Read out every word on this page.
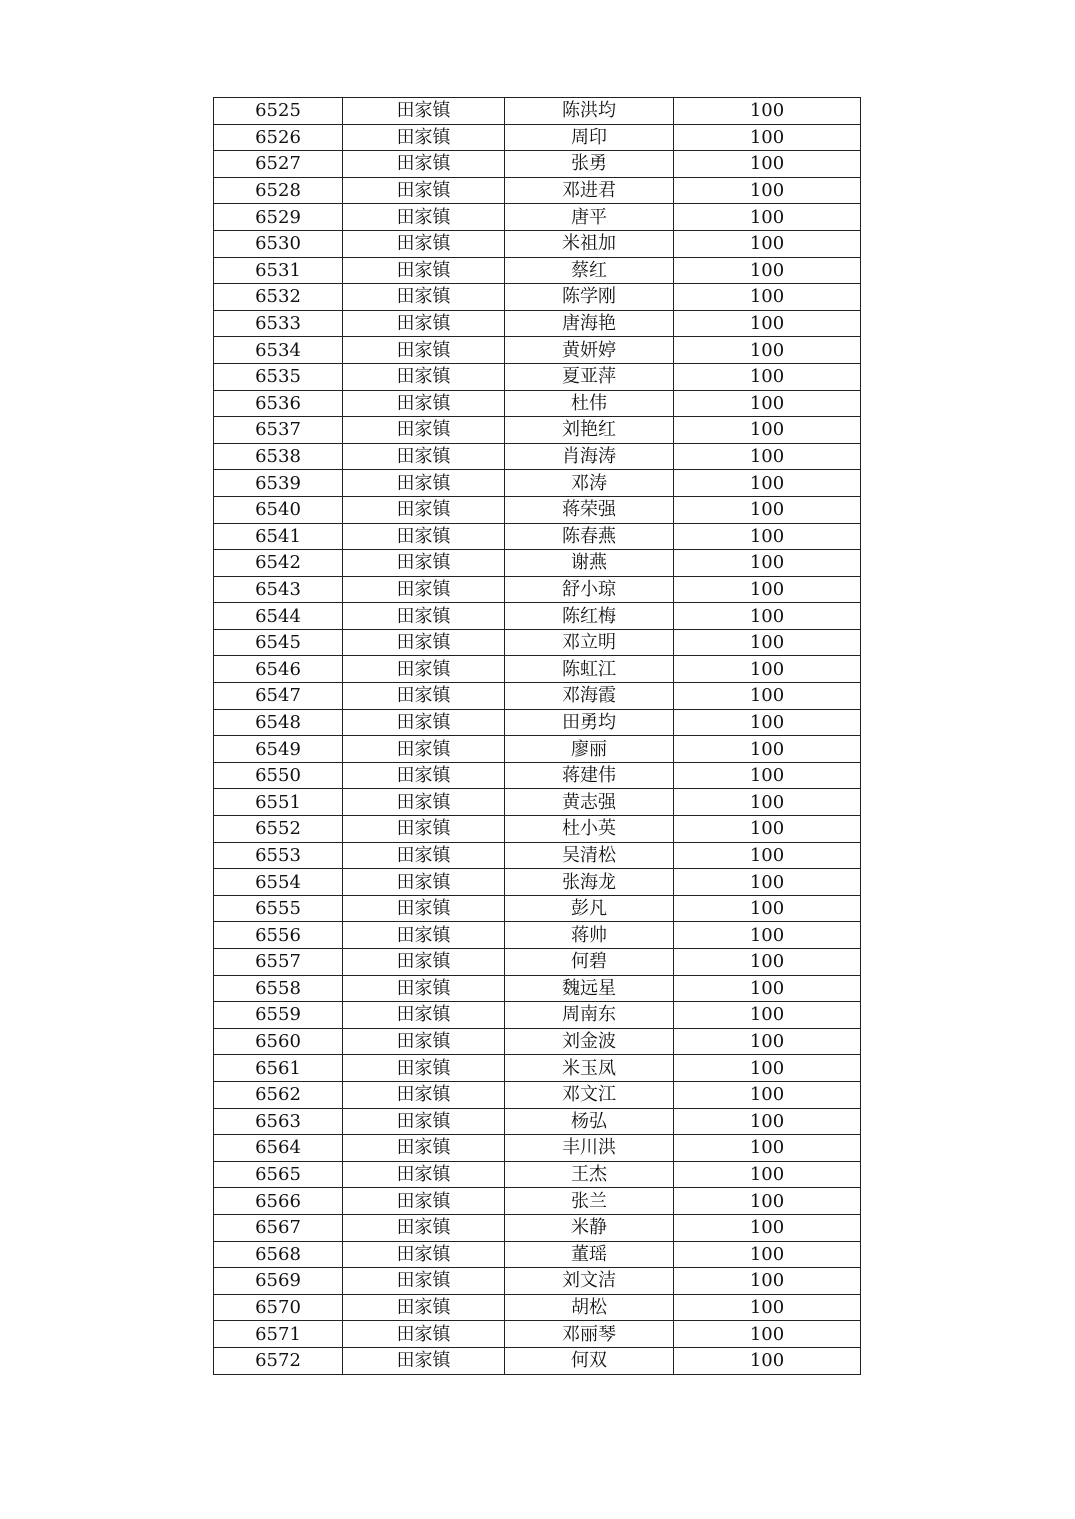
6525	田家镇	陈洪均	100
6526	田家镇	周印	100
6527	田家镇	张勇	100
6528	田家镇	邓进君	100
6529	田家镇	唐平	100
6530	田家镇	米祖加	100
6531	田家镇	蔡红	100
6532	田家镇	陈学刚	100
6533	田家镇	唐海艳	100
6534	田家镇	黄妍婷	100
6535	田家镇	夏亚萍	100
6536	田家镇	杜伟	100
6537	田家镇	刘艳红	100
6538	田家镇	肖海涛	100
6539	田家镇	邓涛	100
6540	田家镇	蒋荣强	100
6541	田家镇	陈春燕	100
6542	田家镇	谢燕	100
6543	田家镇	舒小琼	100
6544	田家镇	陈红梅	100
6545	田家镇	邓立明	100
6546	田家镇	陈虹江	100
6547	田家镇	邓海霞	100
6548	田家镇	田勇均	100
6549	田家镇	廖丽	100
6550	田家镇	蒋建伟	100
6551	田家镇	黄志强	100
6552	田家镇	杜小英	100
6553	田家镇	吴清松	100
6554	田家镇	张海龙	100
6555	田家镇	彭凡	100
6556	田家镇	蒋帅	100
6557	田家镇	何碧	100
6558	田家镇	魏远星	100
6559	田家镇	周南东	100
6560	田家镇	刘金波	100
6561	田家镇	米玉凤	100
6562	田家镇	邓文江	100
6563	田家镇	杨弘	100
6564	田家镇	丰川洪	100
6565	田家镇	王杰	100
6566	田家镇	张兰	100
6567	田家镇	米静	100
6568	田家镇	董瑶	100
6569	田家镇	刘文洁	100
6570	田家镇	胡松	100
6571	田家镇	邓丽琴	100
6572	田家镇	何双	100
